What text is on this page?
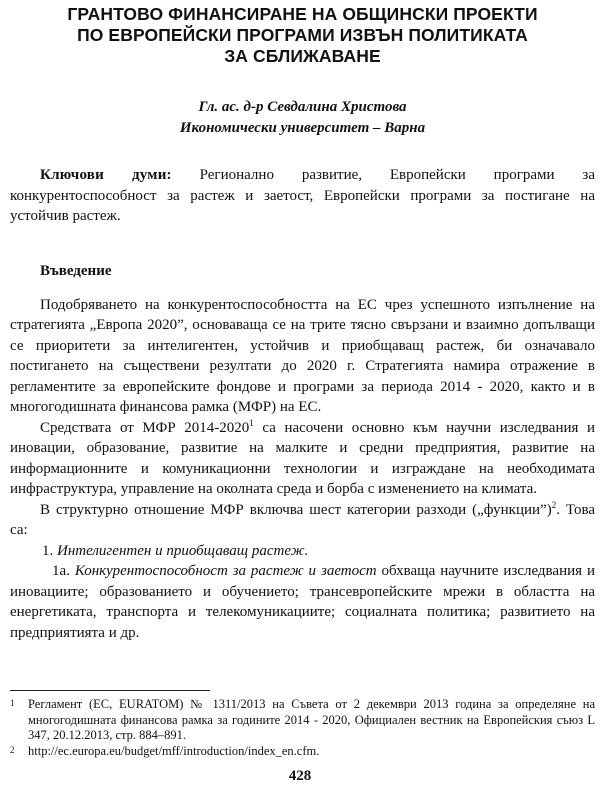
ГРАНТОВО ФИНАНСИРАНЕ НА ОБЩИНСКИ ПРОЕКТИ
ПО ЕВРОПЕЙСКИ ПРОГРАМИ ИЗВЪН ПОЛИТИКАТА
ЗА СБЛИЖАВАНЕ
Гл. ас. д-р Севдалина Христова
Икономически университет – Варна

Ключови думи: Регионално развитие, Европейски програми за конкурентоспособност за растеж и заетост, Европейски програми за постигане на устойчив растеж.

Въведение

Подобряването на конкурентоспособността на ЕС чрез успешното изпълнение на стратегията „Европа 2020”, основаваща се на трите тясно свързани и взаимно допълващи се приоритети за интелигентен, устойчив и приобщаващ растеж, би означавало постигането на съществени резултати до 2020 г. Стратегията намира отражение в регламентите за европейските фондове и програми за периода 2014 - 2020, както и в многогодишната финансова рамка (МФР) на ЕС.

Средствата от МФР 2014-2020$^1$ са насочени основно към научни изследвания и иновации, образование, развитие на малките и средни предприятия, развитие на информационните и комуникационни технологии и изграждане на необходимата инфраструктура, управление на околната среда и борба с изменението на климата.

В структурно отношение МФР включва шест категории разходи („функции”)$^2$. Това са:

1. Интелигентен и приобщаващ растеж.

1а. Конкурентоспособност за растеж и заетост обхваща научните изследвания и иновациите; образованието и обучението; трансевропейските мрежи в областта на енергетиката, транспорта и телекомуникациите; социалната политика; развитието на предприятията и др.

1	Регламент (ЕС, ЕURATOM) № 1311/2013 на Съвета от 2 декември 2013 година за определяне на многогодишната финансова рамка за годините 2014 - 2020, Официален вестник на Европейския съюз L 347, 20.12.2013, стр. 884–891.
2	http://ec.europa.eu/budget/mff/introduction/index_en.cfm.
428
